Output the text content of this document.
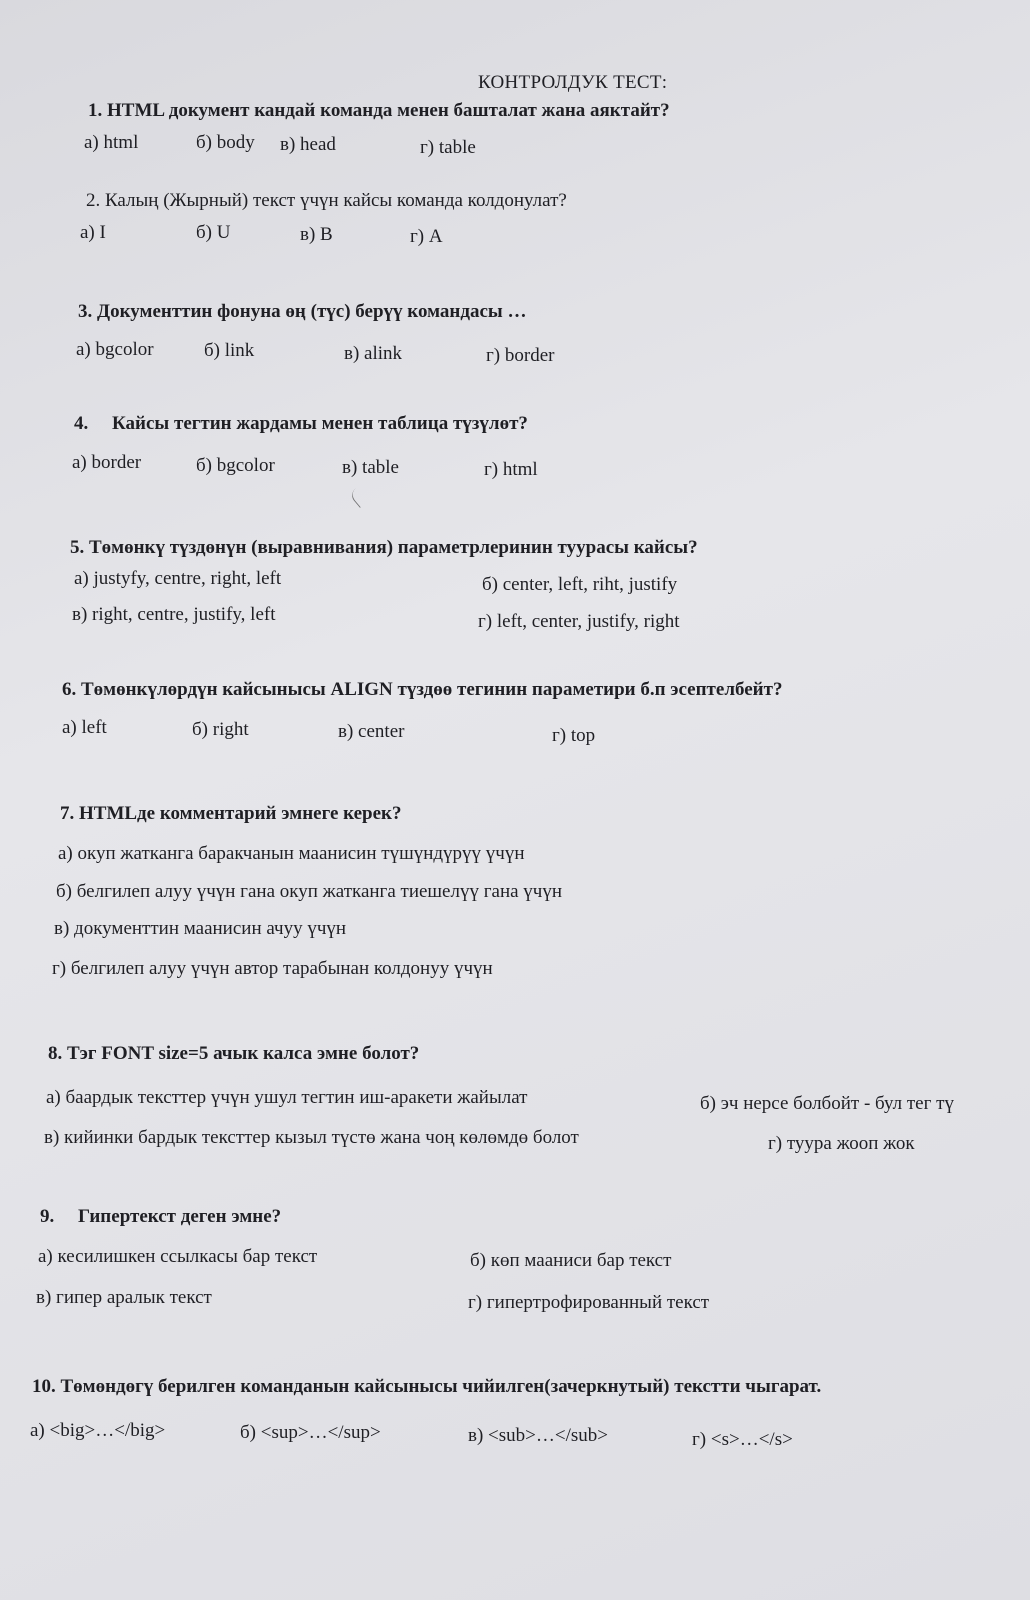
КОНТРОЛДУК ТЕСТ:
1. HTML документ кандай команда менен башталат жана аяктайт?
а) html	б) body в) head	г) table
2. Калың (Жырный) текст үчүн кайсы команда колдонулат?
а) I	б) U	в) B	г) A
3. Документтин фонуна өң (түс) берүү командасы …
а) bgcolor	б) link	в) alink	г) border
4.     Кайсы тегтин жардамы менен таблица түзүлөт?
а) border	б) bgcolor	в) table	г) html
5. Төмөнкү түздөнүн (выравнивания) параметрлеринин туурасы кайсы?
а) justyfy, centre, right, left	б) center, left, riht, justify
в) right, centre, justify, left	г) left, center, justify, right
6. Төмөнкүлөрдүн кайсынысы ALIGN түздөө тегинин параметири б.п эсептелбейт?
а) left	б) right	в) center	г) top
7. HTMLде комментарий эмнеге керек?
а) окуп жатканга баракчанын маанисин түшүндүрүү үчүн
б) белгилеп алуу үчүн гана окуп жатканга тиешелүү гана үчүн
в) документтин маанисин ачуу үчүн
г) белгилеп алуу үчүн автор тарабынан колдонуу үчүн
8. Тэг FONT size=5 ачык калса эмне болот?
а) баардык тексттер үчүн ушул тегтин иш-аракети жайылат	б) эч нерсе болбойт - бул тег тү
в) кийинки бардык тексттер кызыл түстө жана чоң көлөмдө болот	г) туура жооп жок
9.     Гипертекст деген эмне?
а) кесилишкен ссылкасы бар текст	б) көп мааниси бар текст
в) гипер аралык текст	г) гипертрофированный текст
10. Төмөндөгү берилген команданын кайсынысы чийилген(зачеркнутый) текстти чыгарат.
а) <big>…</big>	б) <sup>…</sup>	в) <sub>…</sub>	г) <s>…</s>
